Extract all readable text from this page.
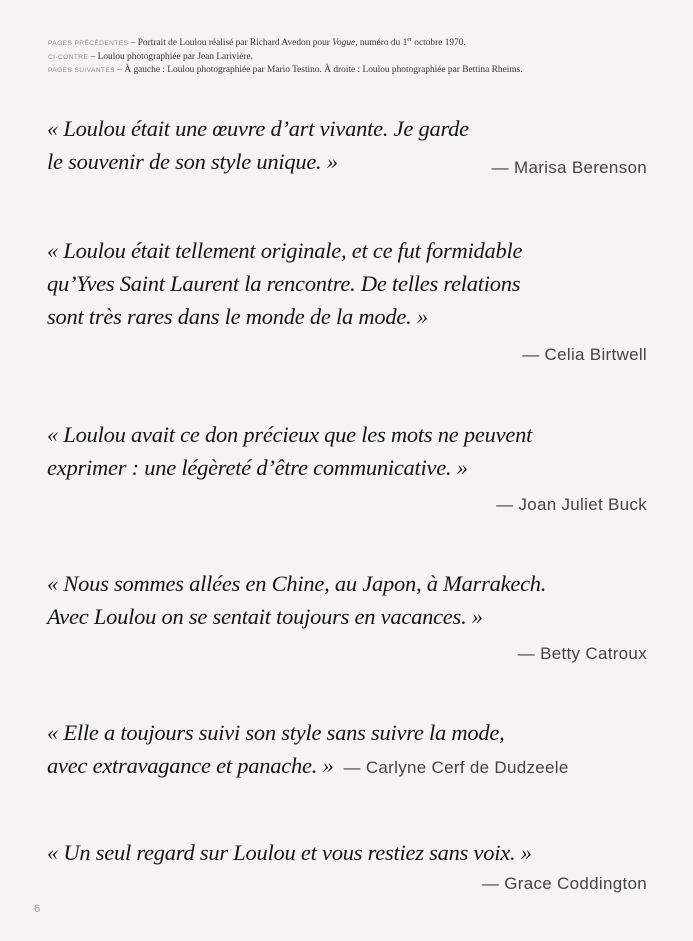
PAGES PRÉCÉDENTES – Portrait de Loulou réalisé par Richard Avedon pour Vogue, numéro du 1er octobre 1970.
CI-CONTRE – Loulou photographiée par Jean Larivière.
PAGES SUIVANTES – À gauche : Loulou photographiée par Mario Testino. À droite : Loulou photographiée par Bettina Rheims.
« Loulou était une œuvre d’art vivante. Je garde
le souvenir de son style unique. »	— Marisa Berenson
« Loulou était tellement originale, et ce fut formidable
qu’Yves Saint Laurent la rencontre. De telles relations
sont très rares dans le monde de la mode. »
— Celia Birtwell
« Loulou avait ce don précieux que les mots ne peuvent
exprimer : une légèreté d’être communicative. »
— Joan Juliet Buck
« Nous sommes allées en Chine, au Japon, à Marrakech.
Avec Loulou on se sentait toujours en vacances. »
— Betty Catroux
« Elle a toujours suivi son style sans suivre la mode,
avec extravagance et panache. » — Carlyne Cerf de Dudzeele
« Un seul regard sur Loulou et vous restiez sans voix. »
— Grace Coddington
6
